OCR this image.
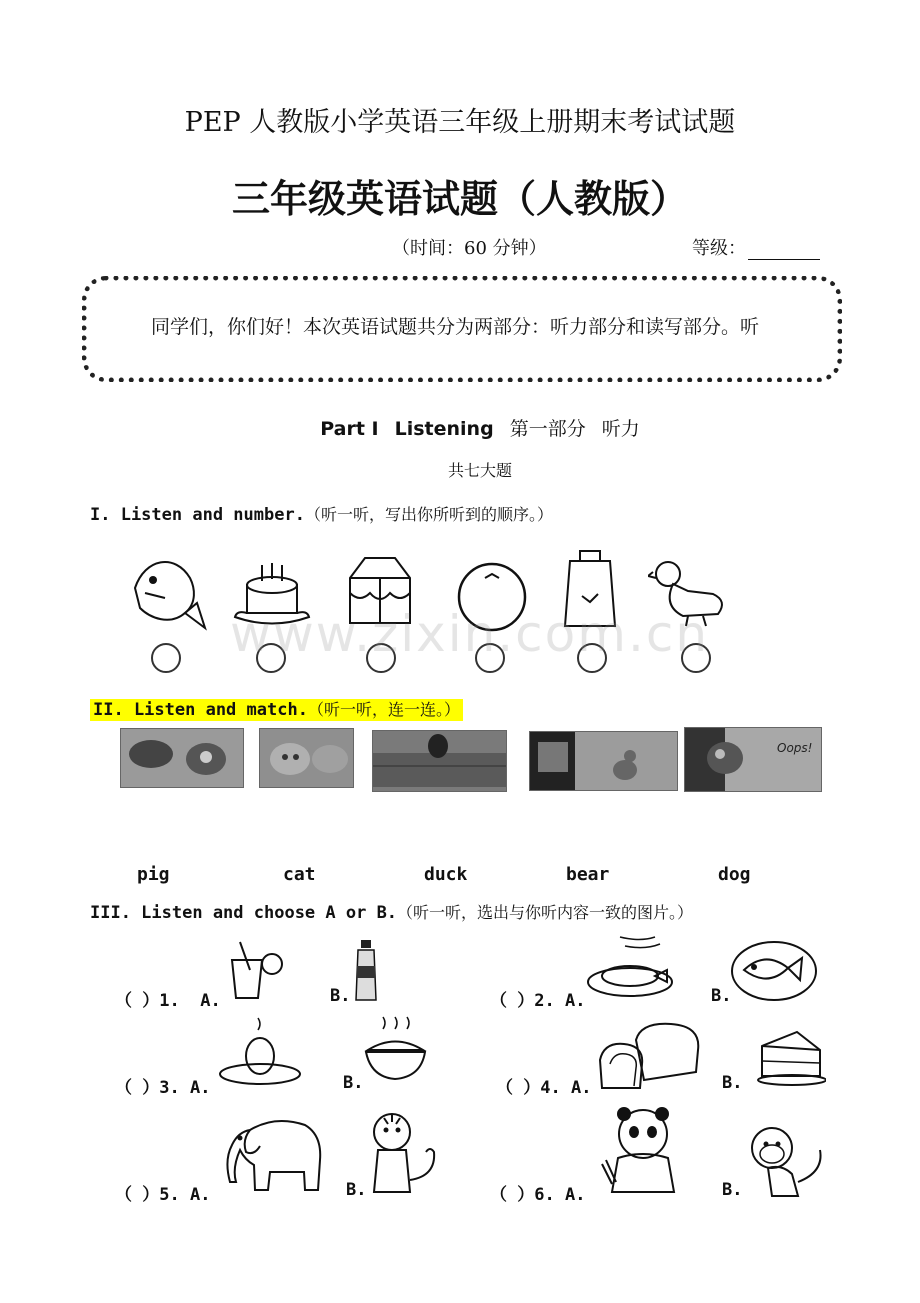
PEP 人教版小学英语三年级上册期末考试试题
三年级英语试题（人教版）
（时间：60 分钟）	等级：

同学们，你们好！本次英语试题共分为两部分：听力部分和读写部分。听

Part I Listening 第一部分 听力
共七大题
I. Listen and number.（听一听，写出你所听到的顺序。）
www.zixin.com.cn
II. Listen and match.（听一听，连一连。）
Oops!
pig	cat	duck	bear	dog
III. Listen and choose A or B.（听一听，选出与你听内容一致的图片。）
（ ）1. A.	B.	（ ）2. A.	B.
（ ）3. A.	B.	（ ）4. A.	B.
（ ）5. A.	B.	（ ）6. A.	B.
